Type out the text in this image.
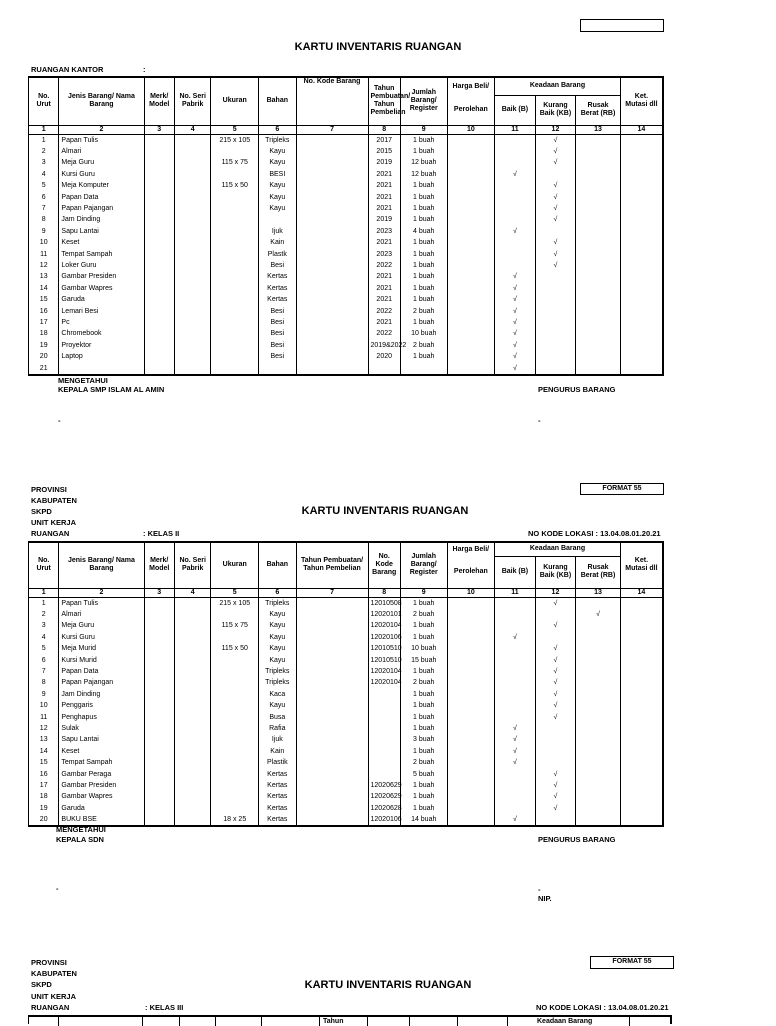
KARTU INVENTARIS RUANGAN
RUANGAN KANTOR	:
No. Urut	Jenis Barang/ Nama Barang	Merk/ Model	No. Seri Pabrik	Ukuran	Bahan	No. Kode Barang	Tahun Pembuatan/ Tahun Pembelian	Jumlah Barang/ Register	Harga Beli/	Keadaan Barang			Ket. Mutasi dll
									Perolehan	Baik (B)	Kurang Baik (KB)	Rusak Berat (RB)	
1	2	3	4	5	6	7	8	9	10	11	12	13	14
1	Papan Tulis			215 x 105	Tripleks		2017	1 buah			√		
2	Almari				Kayu		2015	1 buah			√		
3	Meja Guru			115 x 75	Kayu		2019	12 buah			√		
4	Kursi Guru				BESI		2021	12 buah		√			
5	Meja Komputer			115 x 50	Kayu		2021	1 buah			√		
6	Papan Data				Kayu		2021	1 buah			√		
7	Papan Pajangan				Kayu		2021	1 buah			√		
8	Jam Dinding						2019	1 buah			√		
9	Sapu Lantai				Ijuk		2023	4 buah		√			
10	Keset				Kain		2021	1 buah			√		
11	Tempat Sampah				Plastk		2023	1 buah			√		
12	Loker Guru				Besi		2022	1 buah			√		
13	Gambar Presiden				Kertas		2021	1 buah		√			
14	Gambar Wapres				Kertas		2021	1 buah		√			
15	Garuda				Kertas		2021	1 buah		√			
16	Lemari Besi				Besi		2022	2 buah		√			
17	Pc				Besi		2021	1 buah		√			
18	Chromebook				Besi		2022	10 buah		√			
19	Proyektor				Besi		2019&2022	2 buah		√			
20	Laptop				Besi		2020	1 buah		√			
21										√			
MENGETAHUI
KEPALA SMP ISLAM AL AMIN	PENGURUS BARANG
-	-
PROVINSI
KABUPATEN
SKPD
UNIT KERJA
RUANGAN	: KELAS II
FORMAT 55
KARTU INVENTARIS RUANGAN
NO KODE LOKASI : 13.04.08.01.20.21
No. Urut	Jenis Barang/ Nama Barang	Merk/ Model	No. Seri Pabrik	Ukuran	Bahan	Tahun Pembuatan/ Tahun Pembelian	No. Kode Barang	Jumlah Barang/ Register	Harga Beli/	Keadaan Barang			Ket. Mutasi dll
									Perolehan	Baik (B)	Kurang Baik (KB)	Rusak Berat (RB)	
1	2	3	4	5	6	7	8	9	10	11	12	13	14
1	Papan Tulis			215 x 105	Tripleks		12010508	1 buah			√		
2	Almari				Kayu		12020101	2 buah				√	
3	Meja Guru			115 x 75	Kayu		12020104	1 buah			√		
4	Kursi Guru				Kayu		12020106	1 buah		√			
5	Meja Murid			115 x 50	Kayu		12010510	10 buah			√		
6	Kursi Murid				Kayu		12010510	15 buah			√		
7	Papan Data				Tripleks		12020104	1 buah			√		
8	Papan Pajangan				Tripleks		12020104	2 buah			√		
9	Jam Dinding				Kaca			1 buah			√		
10	Penggaris				Kayu			1 buah			√		
11	Penghapus				Busa			1 buah			√		
12	Sulak				Rafia			1 buah		√			
13	Sapu Lantai				Ijuk			3 buah		√			
14	Keset				Kain			1 buah		√			
15	Tempat Sampah				Plastik			2 buah		√			
16	Gambar Peraga				Kertas			5 buah			√		
17	Gambar Presiden				Kertas		12020629	1 buah			√		
18	Gambar Wapres				Kertas		12020629	1 buah			√		
19	Garuda				Kertas		12020628	1 buah			√		
20	BUKU BSE			18 x 25	Kertas		12020106	14 buah		√			
MENGETAHUI
KEPALA SDN	PENGURUS BARANG
-	-
NIP.
PROVINSI
KABUPATEN
SKPD
UNIT KERJA
RUANGAN	: KELAS III
FORMAT 55
KARTU INVENTARIS RUANGAN
NO KODE LOKASI : 13.04.08.01.20.21
Tahun	Keadaan Barang
